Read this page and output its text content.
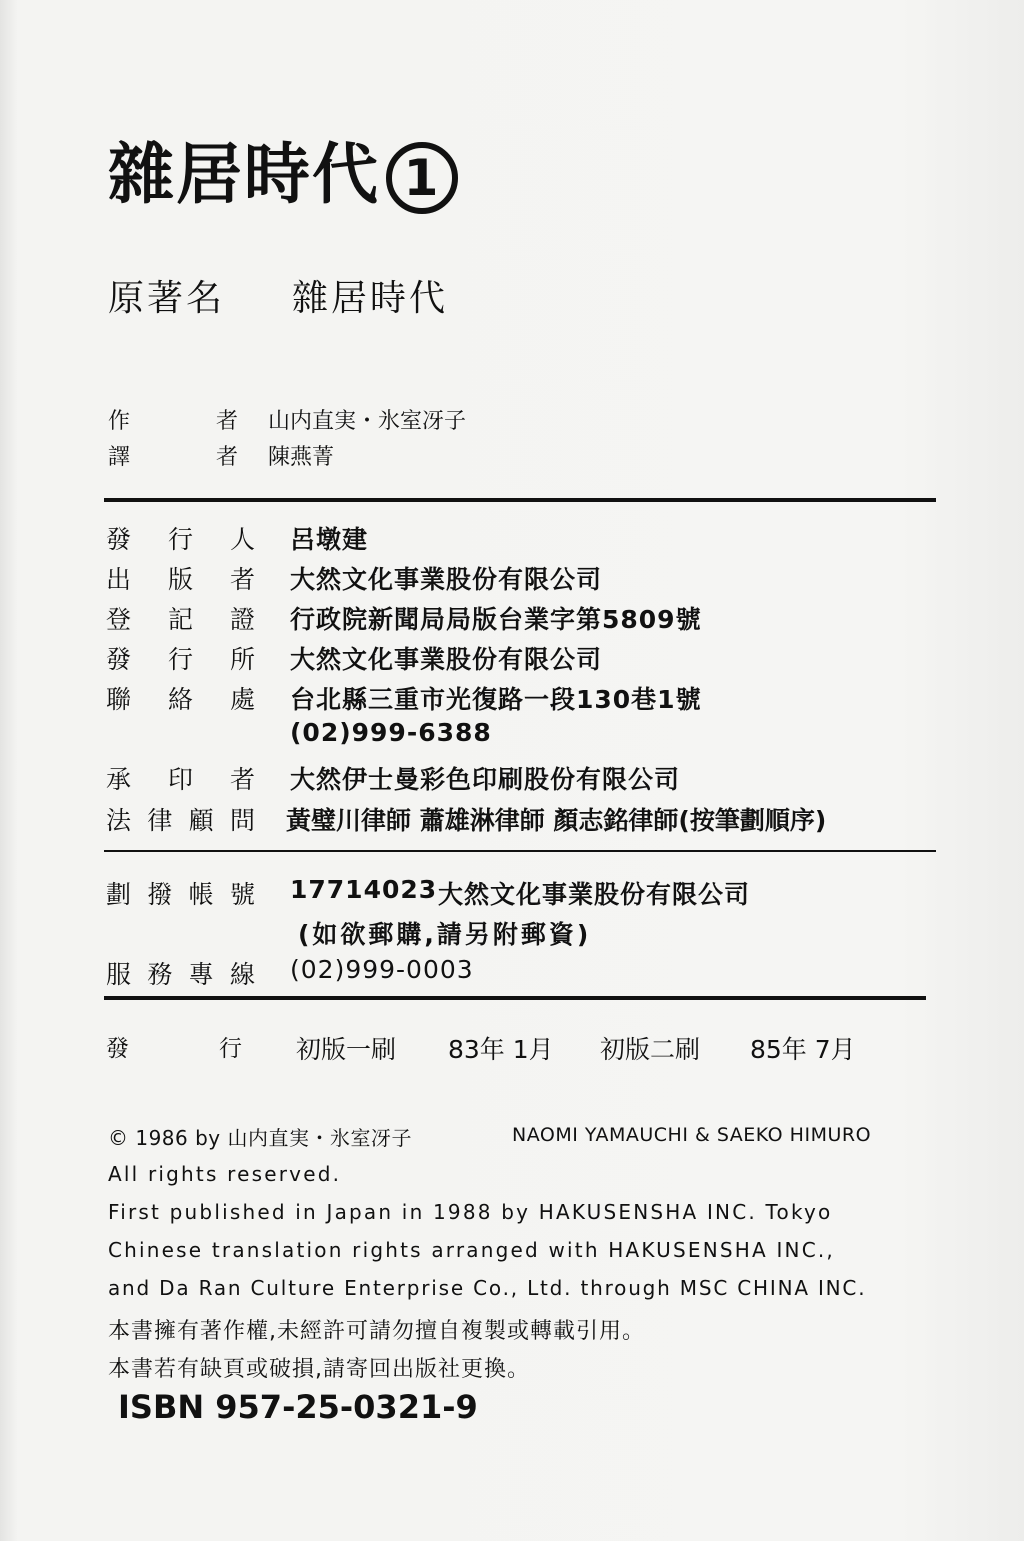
雜居時代 1
原著名 雜居時代
作	者 山内直実・氷室冴子
譯	者 陳燕菁
發 行 人 呂墩建
出 版 者 大然文化事業股份有限公司
登 記 證 行政院新聞局局版台業字第5809號
發 行 所 大然文化事業股份有限公司
聯 絡 處 台北縣三重市光復路一段130巷1號
(02)999-6388
承 印 者 大然伊士曼彩色印刷股份有限公司
法 律 顧 問 黃璧川律師 蕭雄淋律師 顏志銘律師(按筆劃順序)
劃 撥 帳 號 17714023 大然文化事業股份有限公司
(如欲郵購,請另附郵資)
服 務 專 線 (02)999-0003
發	行 初版一刷 83年 1月 初版二刷 85年 7月
© 1986 by 山内直実・氷室冴子	NAOMI YAMAUCHI & SAEKO HIMURO
All rights reserved.
First published in Japan in 1988 by HAKUSENSHA INC. Tokyo
Chinese translation rights arranged with HAKUSENSHA INC.,
and Da Ran Culture Enterprise Co., Ltd. through MSC CHINA INC.
本書擁有著作權,未經許可請勿擅自複製或轉載引用。
本書若有缺頁或破損,請寄回出版社更換。
ISBN 957-25-0321-9
